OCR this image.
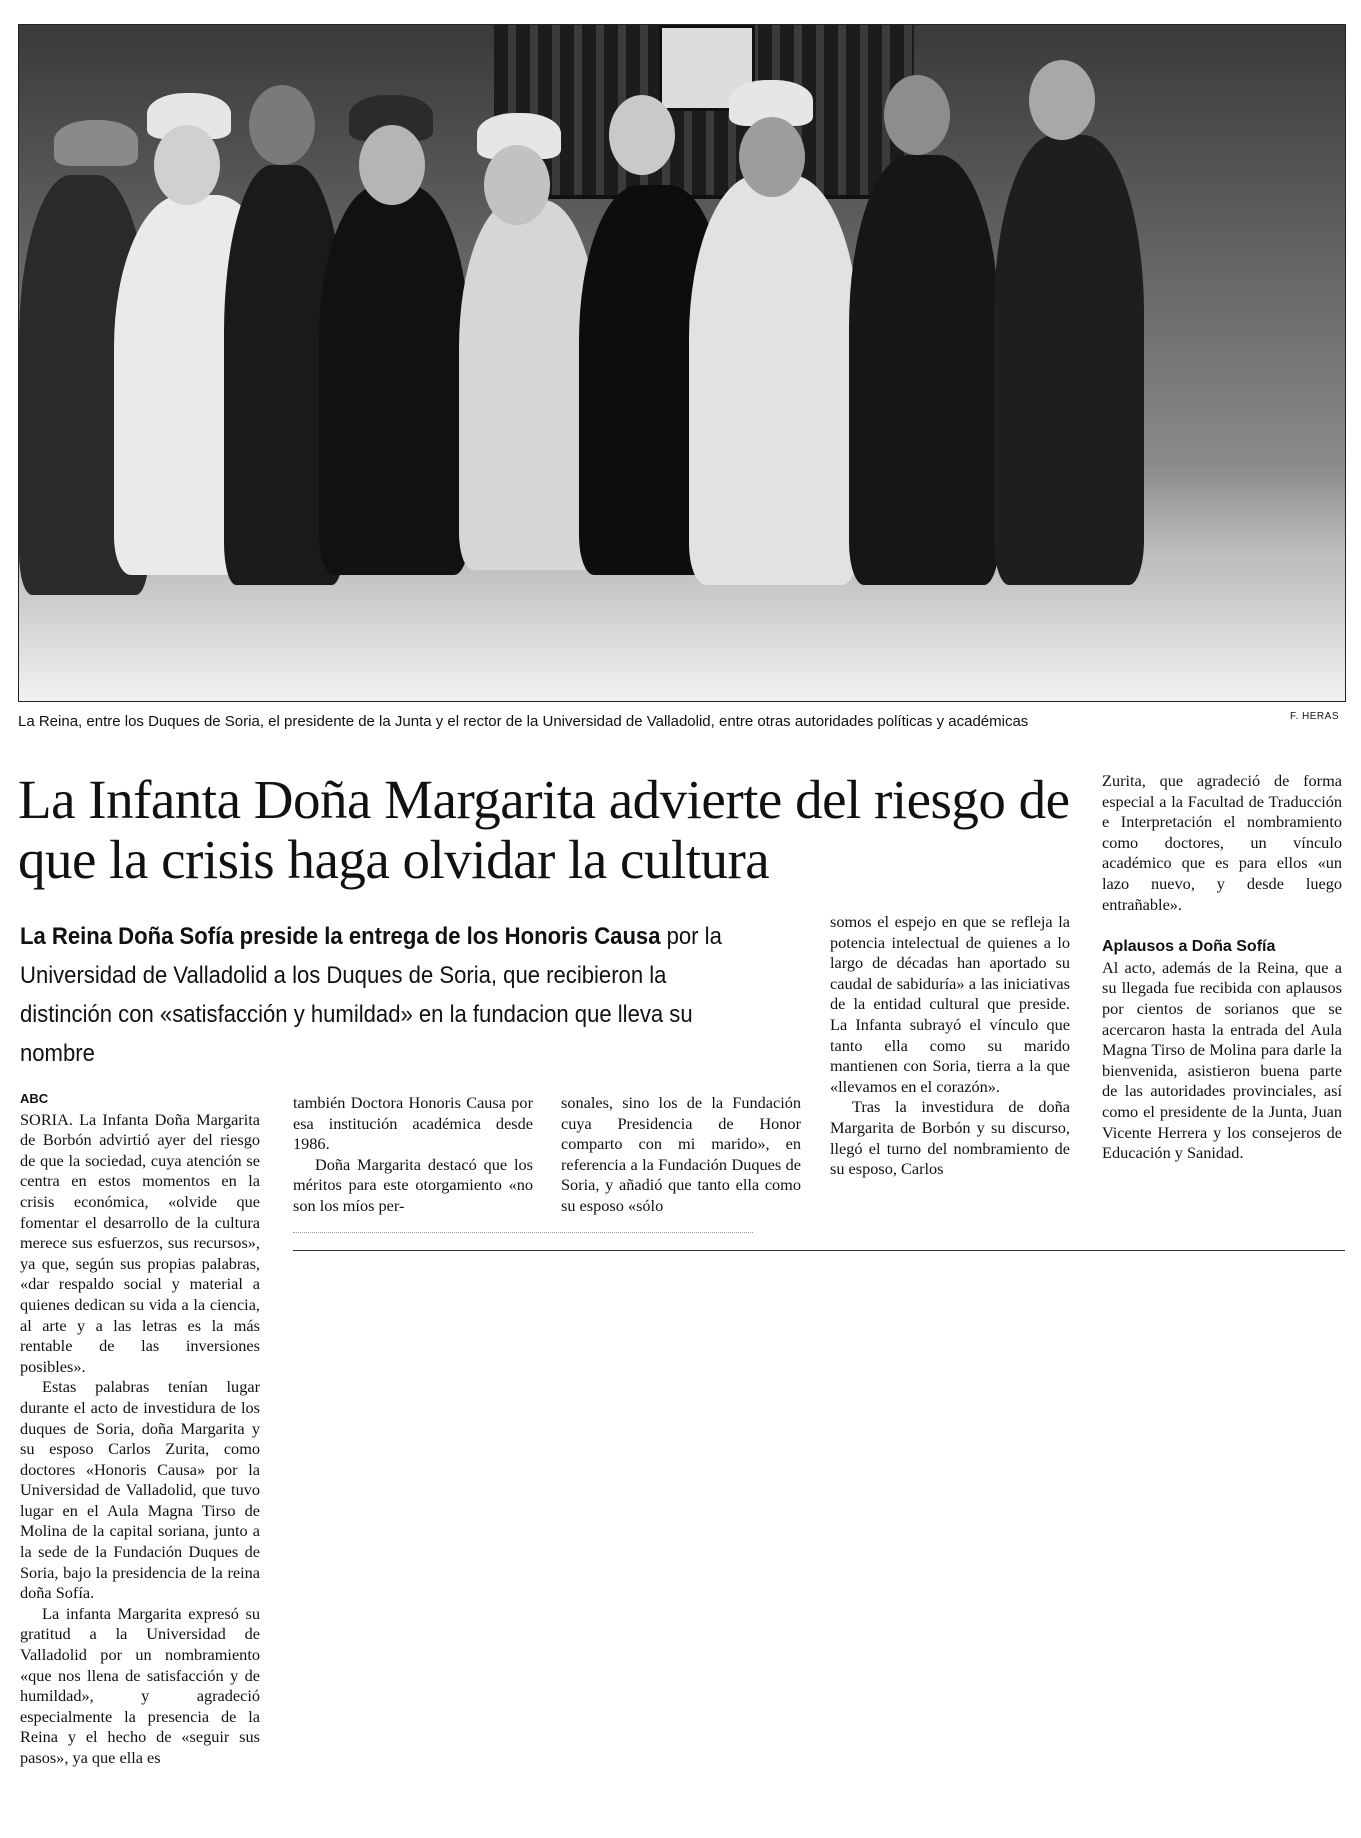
La Reina, entre los Duques de Soria, el presidente de la Junta y el rector de la Universidad de Valladolid, entre otras autoridades políticas y académicas	F. HERAS
La Infanta Doña Margarita advierte del riesgo de que la crisis haga olvidar la cultura
La Reina Doña Sofía preside la entrega de los Honoris Causa por la Universidad de Valladolid a los Duques de Soria, que recibieron la distinción con «satisfacción y humildad» en la fundacion que lleva su nombre
ABC

SORIA. La Infanta Doña Margarita de Borbón advirtió ayer del riesgo de que la sociedad, cuya atención se centra en estos momentos en la crisis económica, «olvide que fomentar el desarrollo de la cultura merece sus esfuerzos, sus recursos», ya que, según sus propias palabras, «dar respaldo social y material a quienes dedican su vida a la ciencia, al arte y a las letras es la más rentable de las inversiones posibles».

Estas palabras tenían lugar durante el acto de investidura de los duques de Soria, doña Margarita y su esposo Carlos Zurita, como doctores «Honoris Causa» por la Universidad de Valladolid, que tuvo lugar en el Aula Magna Tirso de Molina de la capital soriana, junto a la sede de la Fundación Duques de Soria, bajo la presidencia de la reina doña Sofía.

La infanta Margarita expresó su gratitud a la Universidad de Valladolid por un nombramiento «que nos llena de satisfacción y de humildad», y agradeció especialmente la presencia de la Reina y el hecho de «seguir sus pasos», ya que ella es

también Doctora Honoris Causa por esa institución académica desde 1986.

Doña Margarita destacó que los méritos para este otorgamiento «no son los míos per-

sonales, sino los de la Fundación cuya Presidencia de Honor comparto con mi marido», en referencia a la Fundación Duques de Soria, y añadió que tanto ella como su esposo «sólo

somos el espejo en que se refleja la potencia intelectual de quienes a lo largo de décadas han aportado su caudal de sabiduría» a las iniciativas de la entidad cultural que preside. La Infanta subrayó el vínculo que tanto ella como su marido mantienen con Soria, tierra a la que «llevamos en el corazón».

Tras la investidura de doña Margarita de Borbón y su discurso, llegó el turno del nombramiento de su esposo, Carlos

Zurita, que agradeció de forma especial a la Facultad de Traducción e Interpretación el nombramiento como doctores, un vínculo académico que es para ellos «un lazo nuevo, y desde luego entrañable».

Aplausos a Doña Sofía

Al acto, además de la Reina, que a su llegada fue recibida con aplausos por cientos de sorianos que se acercaron hasta la entrada del Aula Magna Tirso de Molina para darle la bienvenida, asistieron buena parte de las autoridades provinciales, así como el presidente de la Junta, Juan Vicente Herrera y los consejeros de Educación y Sanidad.
